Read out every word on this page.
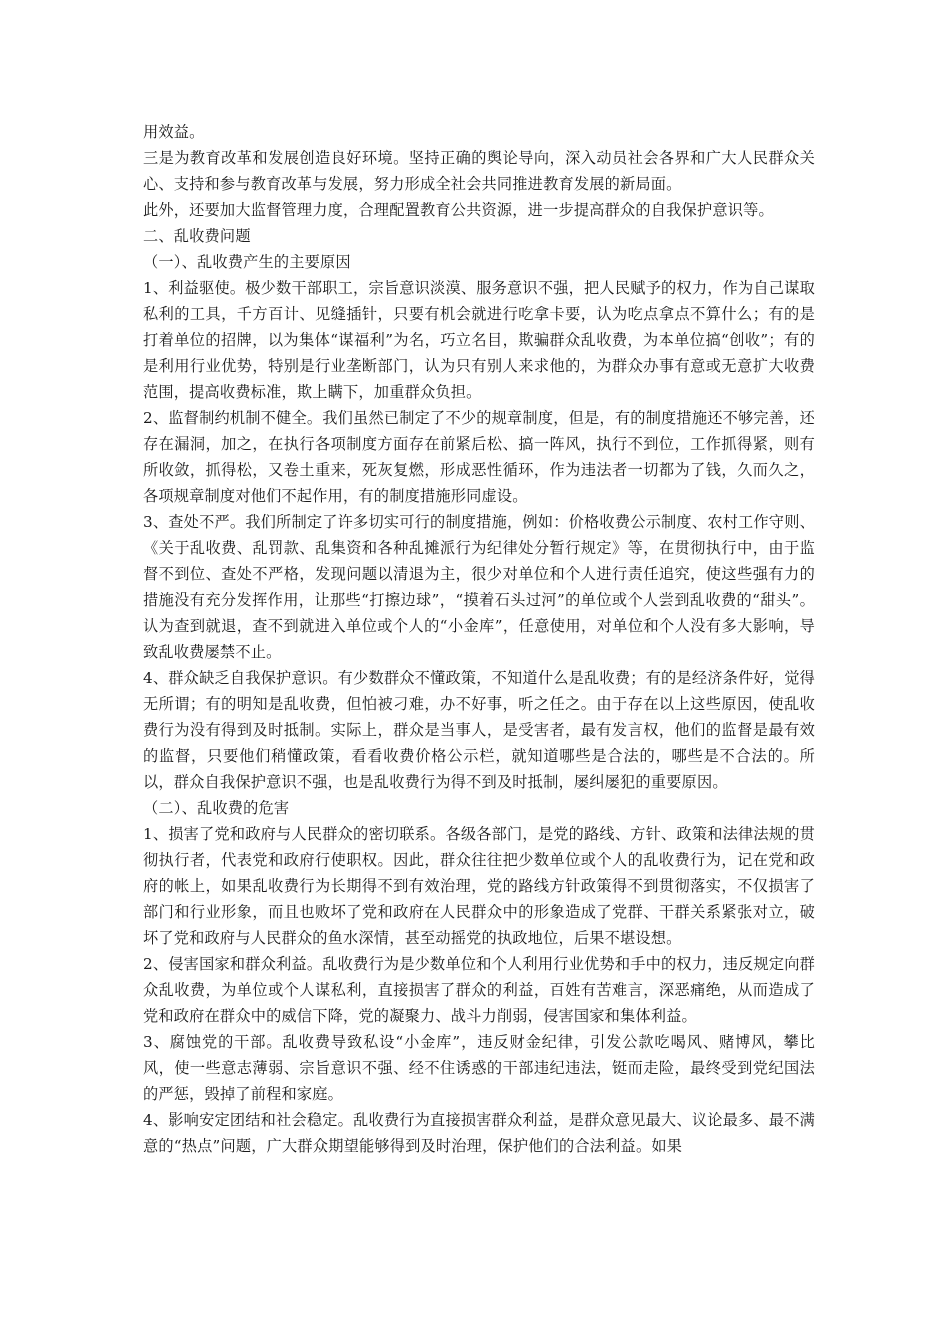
用效益。

三是为教育改革和发展创造良好环境。坚持正确的舆论导向，深入动员社会各界和广大人民群众关心、支持和参与教育改革与发展，努力形成全社会共同推进教育发展的新局面。

此外，还要加大监督管理力度，合理配置教育公共资源，进一步提高群众的自我保护意识等。

二、乱收费问题

（一）、乱收费产生的主要原因

1、利益驱使。极少数干部职工，宗旨意识淡漠、服务意识不强，把人民赋予的权力，作为自己谋取私利的工具，千方百计、见缝插针，只要有机会就进行吃拿卡要，认为吃点拿点不算什么；有的是打着单位的招牌，以为集体“谋福利”为名，巧立名目，欺骗群众乱收费，为本单位搞“创收”；有的是利用行业优势，特别是行业垄断部门，认为只有别人来求他的，为群众办事有意或无意扩大收费范围，提高收费标准，欺上瞒下，加重群众负担。

2、监督制约机制不健全。我们虽然已制定了不少的规章制度，但是，有的制度措施还不够完善，还存在漏洞，加之，在执行各项制度方面存在前紧后松、搞一阵风，执行不到位，工作抓得紧，则有所收敛，抓得松，又卷土重来，死灰复燃，形成恶性循环，作为违法者一切都为了钱，久而久之，各项规章制度对他们不起作用，有的制度措施形同虚设。

3、查处不严。我们所制定了许多切实可行的制度措施，例如：价格收费公示制度、农村工作守则、《关于乱收费、乱罚款、乱集资和各种乱摊派行为纪律处分暂行规定》等，在贯彻执行中，由于监督不到位、查处不严格，发现问题以清退为主，很少对单位和个人进行责任追究，使这些强有力的措施没有充分发挥作用，让那些“打擦边球”，“摸着石头过河”的单位或个人尝到乱收费的“甜头”。认为查到就退，查不到就进入单位或个人的“小金库”，任意使用，对单位和个人没有多大影响，导致乱收费屡禁不止。

4、群众缺乏自我保护意识。有少数群众不懂政策，不知道什么是乱收费；有的是经济条件好，觉得无所谓；有的明知是乱收费，但怕被刁难，办不好事，听之任之。由于存在以上这些原因，使乱收费行为没有得到及时抵制。实际上，群众是当事人，是受害者，最有发言权，他们的监督是最有效的监督，只要他们稍懂政策，看看收费价格公示栏，就知道哪些是合法的，哪些是不合法的。所以，群众自我保护意识不强，也是乱收费行为得不到及时抵制，屡纠屡犯的重要原因。

（二）、乱收费的危害

1、损害了党和政府与人民群众的密切联系。各级各部门，是党的路线、方针、政策和法律法规的贯彻执行者，代表党和政府行使职权。因此，群众往往把少数单位或个人的乱收费行为，记在党和政府的帐上，如果乱收费行为长期得不到有效治理，党的路线方针政策得不到贯彻落实，不仅损害了部门和行业形象，而且也败坏了党和政府在人民群众中的形象造成了党群、干群关系紧张对立，破坏了党和政府与人民群众的鱼水深情，甚至动摇党的执政地位，后果不堪设想。

2、侵害国家和群众利益。乱收费行为是少数单位和个人利用行业优势和手中的权力，违反规定向群众乱收费，为单位或个人谋私利，直接损害了群众的利益，百姓有苦难言，深恶痛绝，从而造成了党和政府在群众中的威信下降，党的凝聚力、战斗力削弱，侵害国家和集体利益。

3、腐蚀党的干部。乱收费导致私设“小金库”，违反财金纪律，引发公款吃喝风、赌博风，攀比风，使一些意志薄弱、宗旨意识不强、经不住诱惑的干部违纪违法，铤而走险，最终受到党纪国法的严惩，毁掉了前程和家庭。

4、影响安定团结和社会稳定。乱收费行为直接损害群众利益，是群众意见最大、议论最多、最不满意的“热点”问题，广大群众期望能够得到及时治理，保护他们的合法利益。如果
